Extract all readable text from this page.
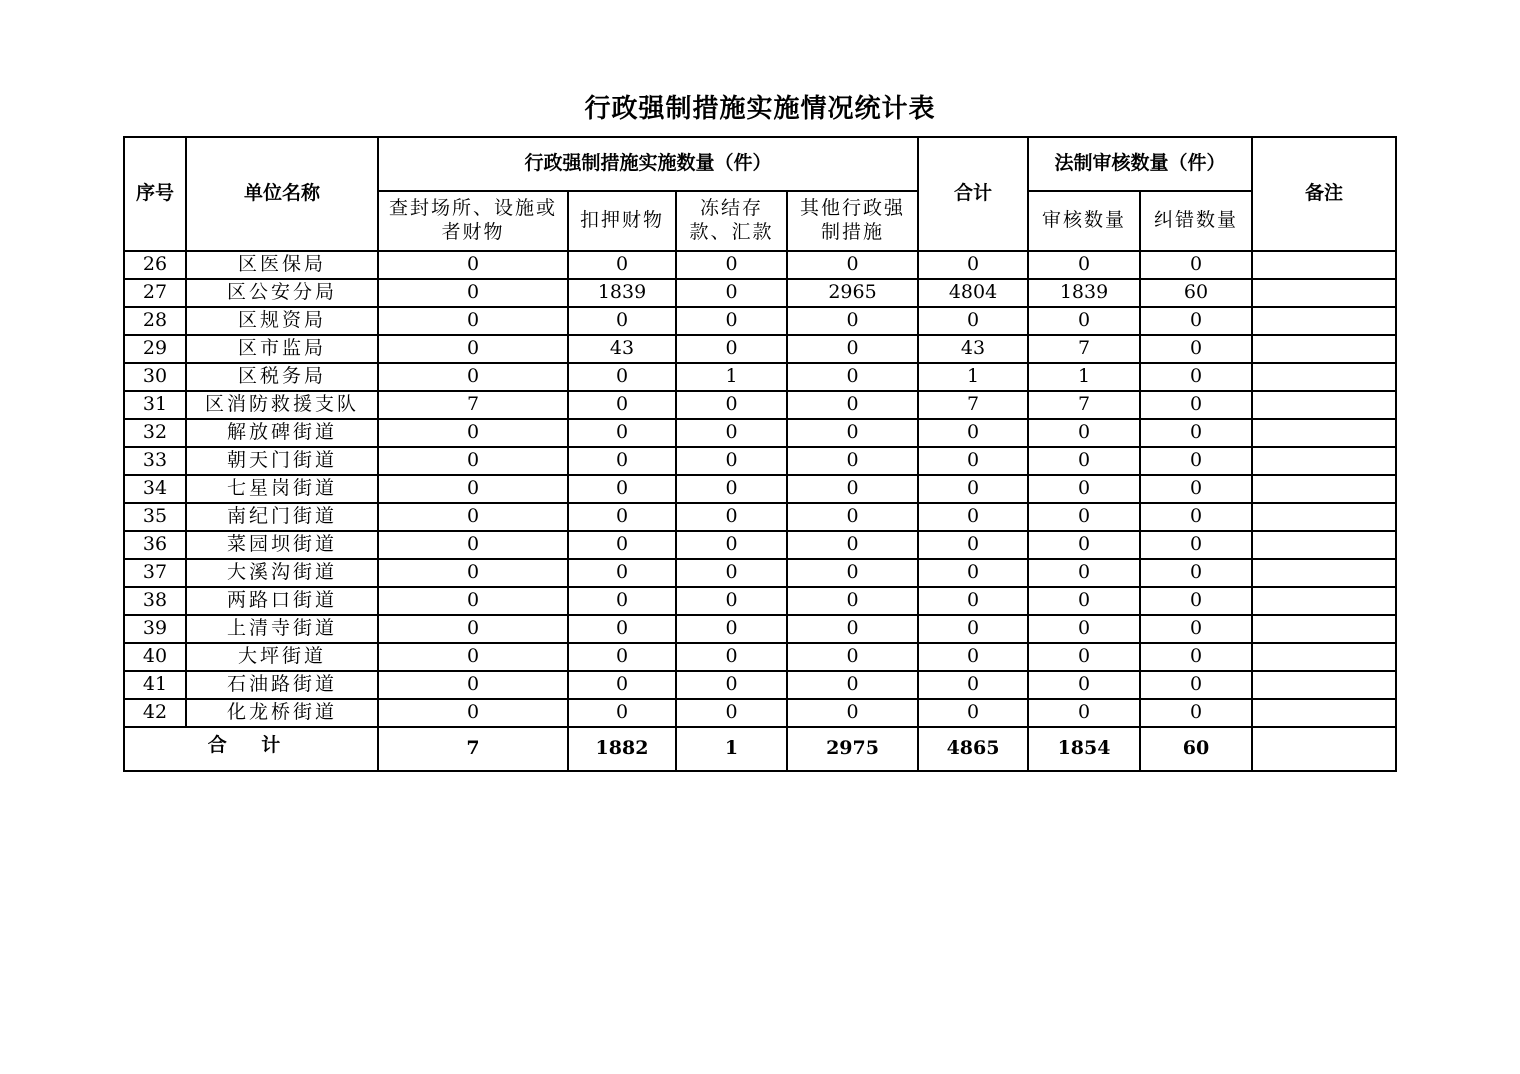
行政强制措施实施情况统计表
序号	单位名称	行政强制措施实施数量（件）				合计	法制审核数量（件）		备注

		查封场所、设施或者财物	扣押财物	冻结存款、汇款	其他行政强制措施		审核数量	纠错数量	
26	区医保局	0	0	0	0	0	0	0	
27	区公安分局	0	1839	0	2965	4804	1839	60	
28	区规资局	0	0	0	0	0	0	0	
29	区市监局	0	43	0	0	43	7	0	
30	区税务局	0	0	1	0	1	1	0	
31	区消防救援支队	7	0	0	0	7	7	0	
32	解放碑街道	0	0	0	0	0	0	0	
33	朝天门街道	0	0	0	0	0	0	0	
34	七星岗街道	0	0	0	0	0	0	0	
35	南纪门街道	0	0	0	0	0	0	0	
36	菜园坝街道	0	0	0	0	0	0	0	
37	大溪沟街道	0	0	0	0	0	0	0	
38	两路口街道	0	0	0	0	0	0	0	
39	上清寺街道	0	0	0	0	0	0	0	
40	大坪街道	0	0	0	0	0	0	0	
41	石油路街道	0	0	0	0	0	0	0	
42	化龙桥街道	0	0	0	0	0	0	0	
合 计		7	1882	1	2975	4865	1854	60	
